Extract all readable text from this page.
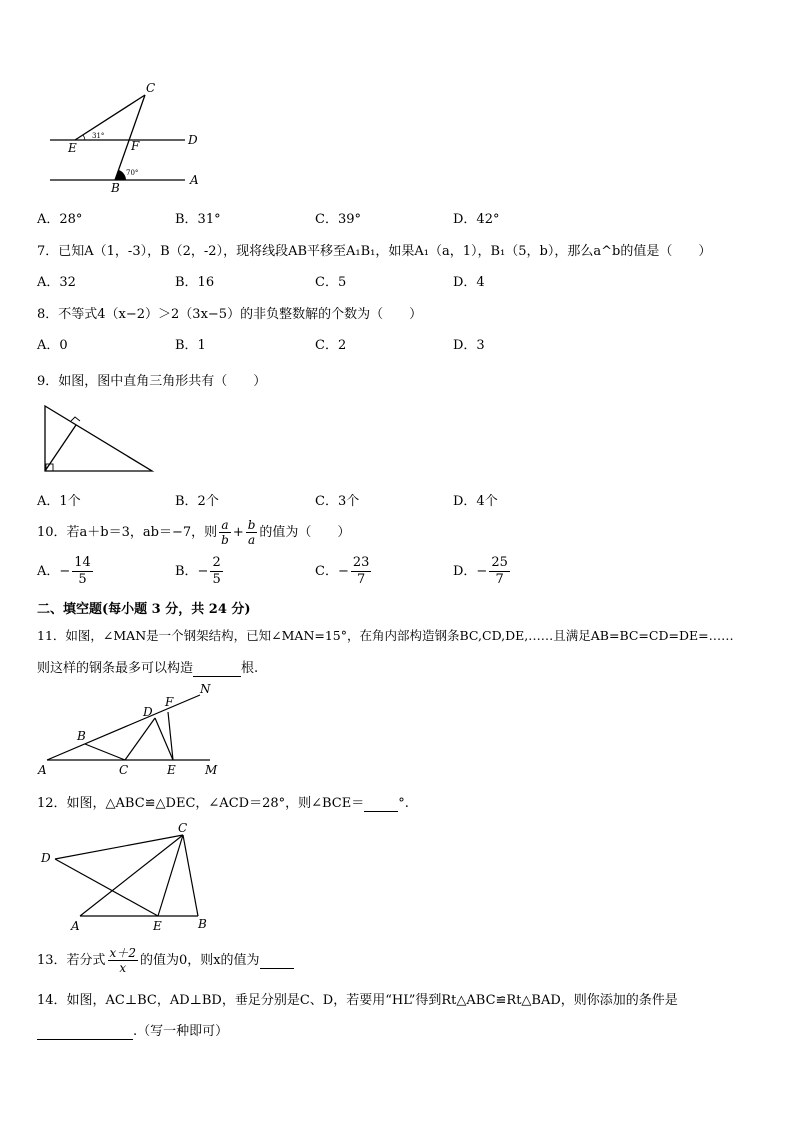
C
D
E	F
B
A
31°
70°
A．28°	B．31°	C．39°	D．42°
7．已知A（1，-3），B（2，-2），现将线段AB平移至A₁B₁，如果A₁（a，1），B₁（5，b），那么a^b的值是（　　）
A．32	B．16	C．5	D．4
8．不等式4（x−2）＞2（3x−5）的非负整数解的个数为（　　）
A．0	B．1	C．2	D．3
9．如图，图中直角三角形共有（　　）
A．1个	B．2个	C．3个	D．4个
10．若a＋b＝3，ab＝−7，则 $\frac{a}{b} + \frac{b}{a}$ 的值为（　　）
A．− $\frac{14}{5}$	B．− $\frac{2}{5}$	C．− $\frac{23}{7}$	D．− $\frac{25}{7}$
二、填空题(每小题 3 分，共 24 分)
11．如图，∠MAN是一个钢架结构，已知∠MAN=15°，在角内部构造钢条BC,CD,DE,……且满足AB=BC=CD=DE=……
则这样的钢条最多可以构造	根.
N
F
D
B
A	C	E M
12．如图，△ABC≌△DEC，∠ACD＝28°，则∠BCE＝	°.
C
D
A	E	B
13．若分式 $\frac{x+2}{x}$ 的值为0，则x的值为
14．如图，AC⊥BC，AD⊥BD，垂足分别是C、D，若要用“HL”得到Rt△ABC≌Rt△BAD，则你添加的条件是
.（写一种即可）
